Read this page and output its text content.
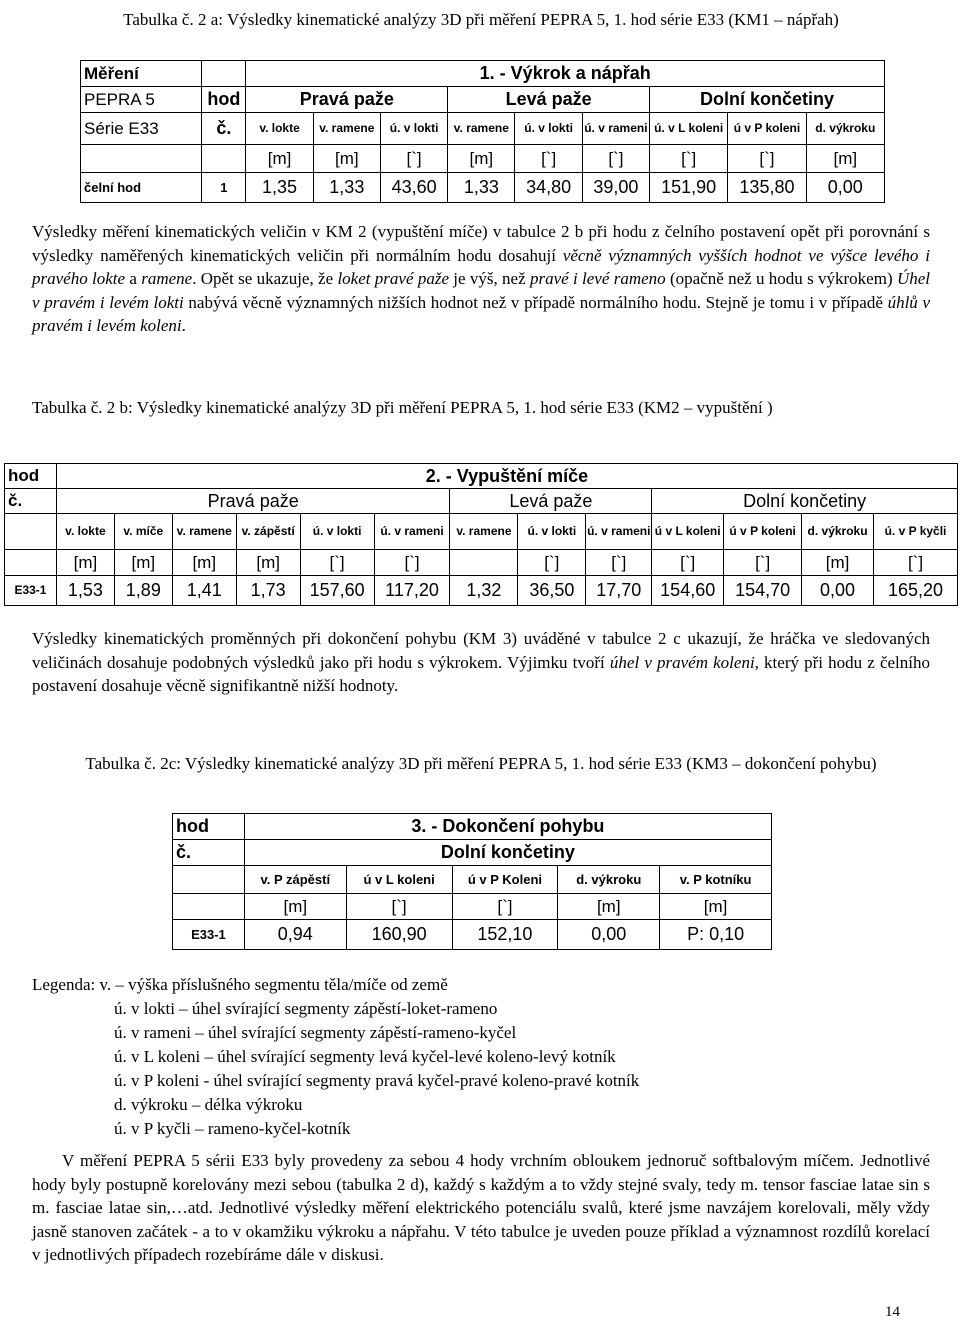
Tabulka č. 2 a: Výsledky kinematické analýzy 3D při měření PEPRA 5, 1. hod série E33 (KM1 – nápřah)
Měření		1. - Výkrok a nápřah								
PEPRA 5	hod	Pravá paže			Levá paže			Dolní končetiny		
Série E33	č.	v. lokte	v. ramene	ú. v lokti	v. ramene	ú. v lokti	ú. v rameni	ú. v L koleni	ú v P koleni	d. výkroku
		[m]	[m]	[`]	[m]	[`]	[`]	[`]	[`]	[m]
čelní hod	1	1,35	1,33	43,60	1,33	34,80	39,00	151,90	135,80	0,00
Výsledky měření kinematických veličin v KM 2 (vypuštění míče) v tabulce 2 b při hodu z čelního postavení opět při porovnání s výsledky naměřených kinematických veličin při normálním hodu dosahují věcně významných vyšších hodnot ve výšce levého i pravého lokte a ramene. Opět se ukazuje, že loket pravé paže je výš, než pravé i levé rameno (opačně než u hodu s výkrokem) Úhel v pravém i levém lokti nabývá věcně významných nižších hodnot než v případě normálního hodu. Stejně je tomu i v případě úhlů v pravém i levém koleni.
Tabulka č. 2 b: Výsledky kinematické analýzy 3D při měření PEPRA 5, 1. hod série E33 (KM2 – vypuštění )
hod	2. - Vypuštění míče												
č.	Pravá paže						Levá paže			Dolní končetiny			
	v. lokte	v. míče	v. ramene	v. zápěstí	ú. v lokti	ú. v rameni	v. ramene	ú. v lokti	ú. v rameni	ú v L koleni	ú v P koleni	d. výkroku	ú. v P kyčli
	[m]	[m]	[m]	[m]	[`]	[`]		[`]	[`]	[`]	[`]	[m]	[`]
E33-1	1,53	1,89	1,41	1,73	157,60	117,20	1,32	36,50	17,70	154,60	154,70	0,00	165,20
Výsledky kinematických proměnných při dokončení pohybu (KM 3) uváděné v tabulce 2 c ukazují, že hráčka ve sledovaných veličinách dosahuje podobných výsledků jako při hodu s výkrokem. Výjimku tvoří úhel v pravém koleni, který při hodu z čelního postavení dosahuje věcně signifikantně nižší hodnoty.
Tabulka č. 2c: Výsledky kinematické analýzy 3D při měření PEPRA 5, 1. hod série E33 (KM3 – dokončení pohybu)
hod	3. - Dokončení pohybu				
č.	Dolní končetiny				
	v. P zápěstí	ú v L koleni	ú v P Koleni	d. výkroku	v. P kotníku
	[m]	[`]	[`]	[m]	[m]
E33-1	0,94	160,90	152,10	0,00	P: 0,10
Legenda: v. – výška příslušného segmentu těla/míče od země
ú. v lokti – úhel svírající segmenty zápěstí-loket-rameno
ú. v rameni – úhel svírající segmenty zápěstí-rameno-kyčel
ú. v L koleni – úhel svírající segmenty levá kyčel-levé koleno-levý kotník
ú. v P koleni - úhel svírající segmenty pravá kyčel-pravé koleno-pravé kotník
d. výkroku – délka výkroku
ú. v P kyčli – rameno-kyčel-kotník
V měření PEPRA 5 sérii E33 byly provedeny za sebou 4 hody vrchním obloukem jednoruč softbalovým míčem. Jednotlivé hody byly postupně korelovány mezi sebou (tabulka 2 d), každý s každým a to vždy stejné svaly, tedy m. tensor fasciae latae sin s m. fasciae latae sin,…atd. Jednotlivé výsledky měření elektrického potenciálu svalů, které jsme navzájem korelovali, měly vždy jasně stanoven začátek - a to v okamžiku výkroku a nápřahu. V této tabulce je uveden pouze příklad a významnost rozdílů korelací v jednotlivých případech rozebíráme dále v diskusi.
14
